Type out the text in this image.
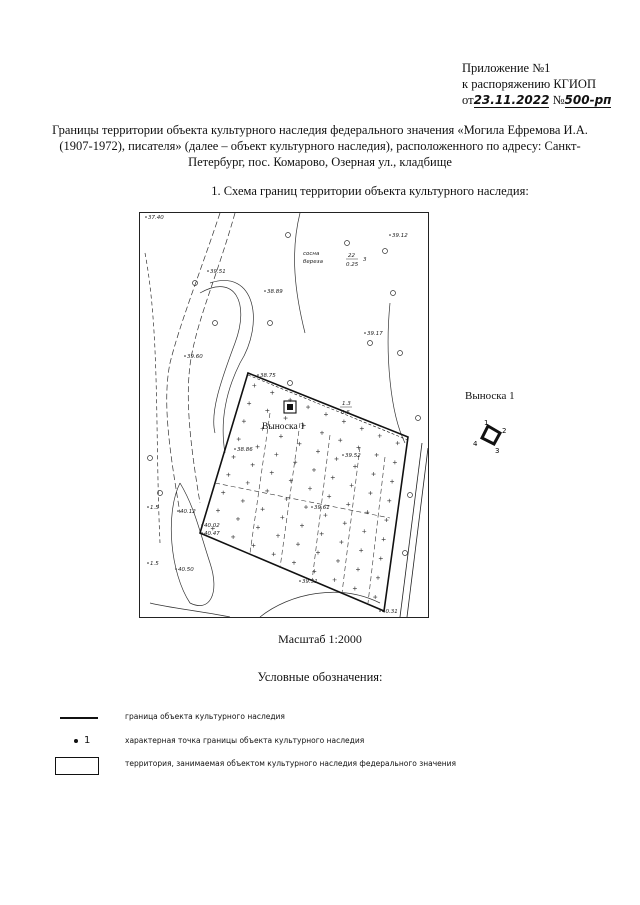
Приложение №1
к распоряжению КГИОП
от23.11.2022 №500-рп
Границы территории объекта культурного наследия федерального значения «Могила Ефремова И.А. (1907-1972), писателя» (далее – объект культурного наследия), расположенного по адресу: Санкт-Петербург, пос. Комарово, Озерная ул., кладбище
1. Схема границ территории объекта культурного наследия:
сосна
береза
22
0.25
3
1.3
0.6
Выноска 1
37.40
39.12
39.51
38.89
39.17
39.60
38.75
39.52
38.86
39.61
40.12
40.02
40.47
40.50
39.51
1.5
1.5
40.31
Выноска 1
1
2
3
4
Масштаб 1:2000
Условные обозначения:
граница объекта культурного наследия
1	характерная точка границы объекта культурного наследия
территория, занимаемая объектом культурного наследия федерального значения
